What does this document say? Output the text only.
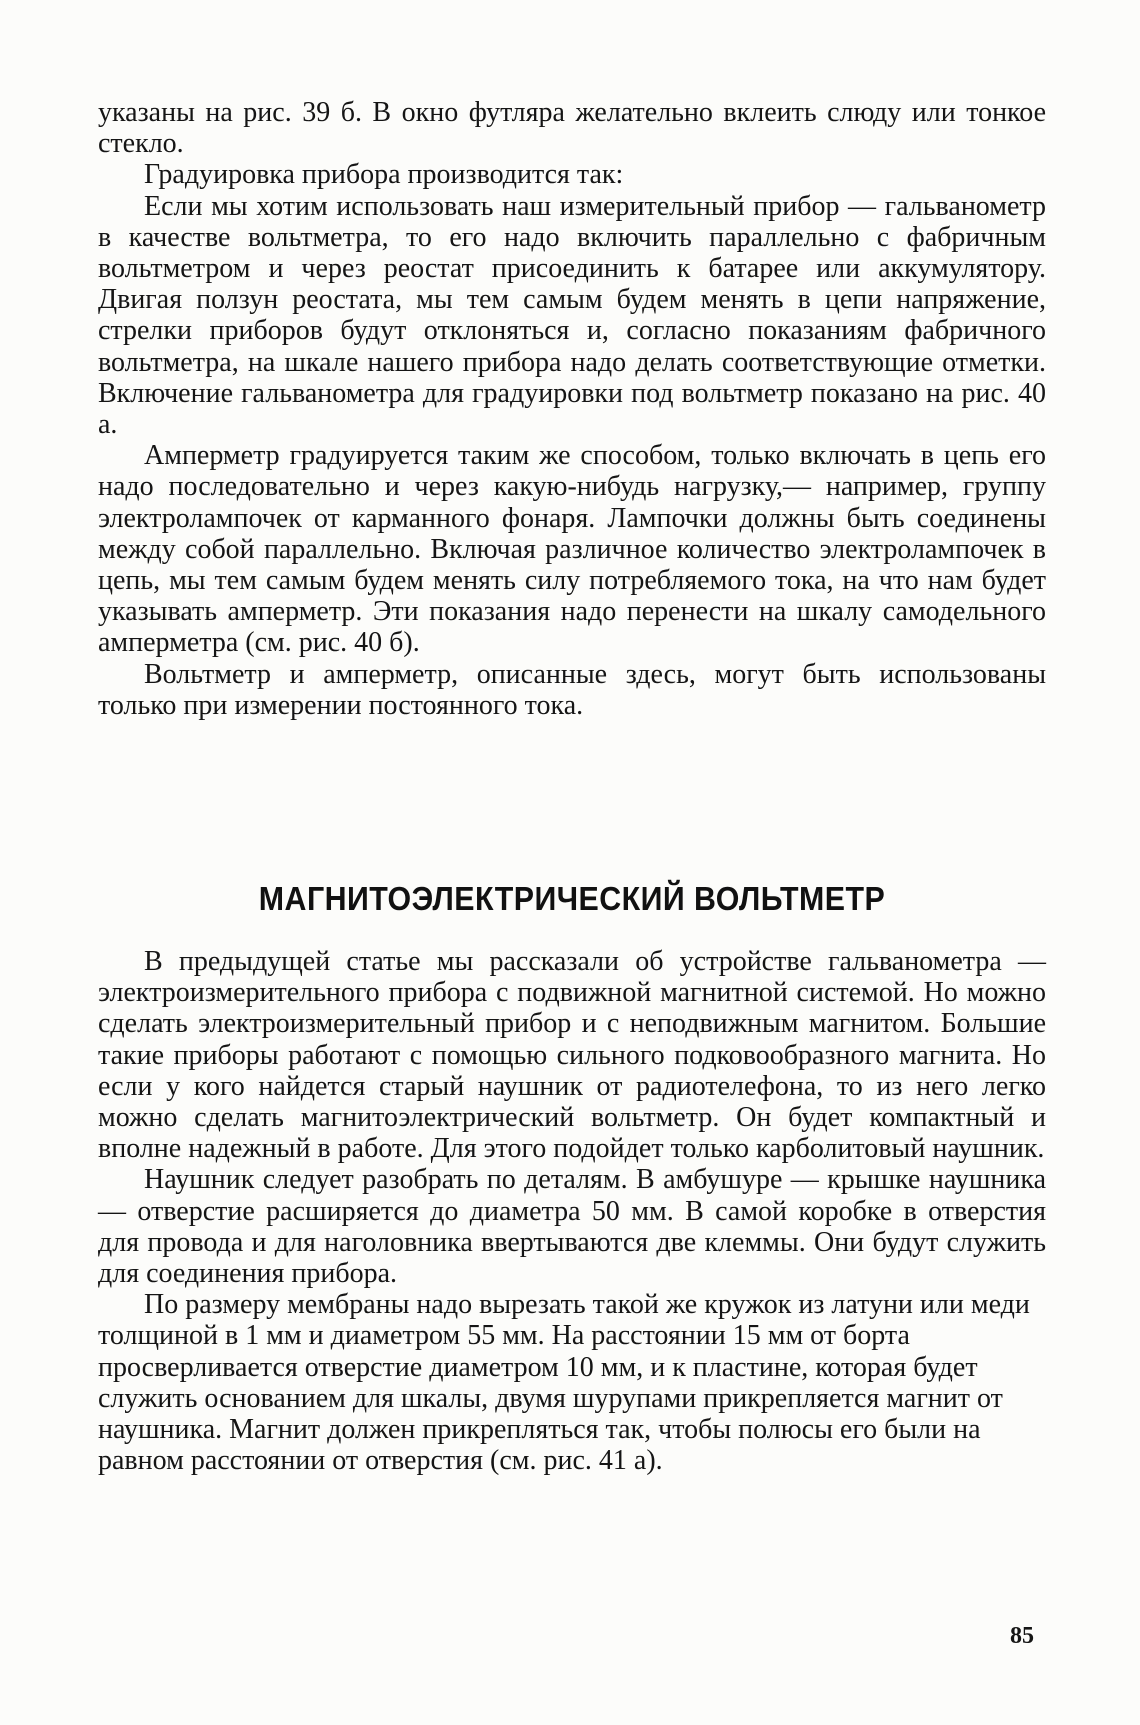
указаны на рис. 39 б. В окно футляра желательно вклеить слюду или тонкое стекло.

Градуировка прибора производится так:

Если мы хотим использовать наш измерительный прибор — гальванометр в качестве вольтметра, то его надо включить параллельно с фабричным вольтметром и через реостат присоединить к батарее или аккумулятору. Двигая ползун реостата, мы тем самым будем менять в цепи напряжение, стрелки приборов будут отклоняться и, согласно показаниям фабричного вольтметра, на шкале нашего прибора надо делать соответствующие отметки. Включение гальванометра для градуировки под вольтметр показано на рис. 40 а.

Амперметр градуируется таким же способом, только включать в цепь его надо последовательно и через какую-нибудь нагрузку,— например, группу электролампочек от карманного фонаря. Лампочки должны быть соединены между собой параллельно. Включая различное количество электролампочек в цепь, мы тем самым будем менять силу потребляемого тока, на что нам будет указывать амперметр. Эти показания надо перенести на шкалу самодельного амперметра (см. рис. 40 б).

Вольтметр и амперметр, описанные здесь, могут быть использованы только при измерении постоянного тока.

МАГНИТОЭЛЕКТРИЧЕСКИЙ ВОЛЬТМЕТР

В предыдущей статье мы рассказали об устройстве гальванометра — электроизмерительного прибора с подвижной магнитной системой. Но можно сделать электроизмерительный прибор и с неподвижным магнитом. Большие такие приборы работают с помощью сильного подковообразного магнита. Но если у кого найдется старый наушник от радиотелефона, то из него легко можно сделать магнитоэлектрический вольтметр. Он будет компактный и вполне надежный в работе. Для этого подойдет только карболитовый наушник.

Наушник следует разобрать по деталям. В амбушуре — крышке наушника — отверстие расширяется до диаметра 50 мм. В самой коробке в отверстия для провода и для наголовника ввертываются две клеммы. Они будут служить для соединения прибора.

По размеру мембраны надо вырезать такой же кружок из латуни или меди толщиной в 1 мм и диаметром 55 мм. На расстоянии 15 мм от борта просверливается отверстие диаметром 10 мм, и к пластине, которая будет служить основанием для шкалы, двумя шурупами прикрепляется магнит от наушника. Магнит должен прикрепляться так, чтобы полюсы его были на равном расстоянии от отверстия (см. рис. 41 а).

85
